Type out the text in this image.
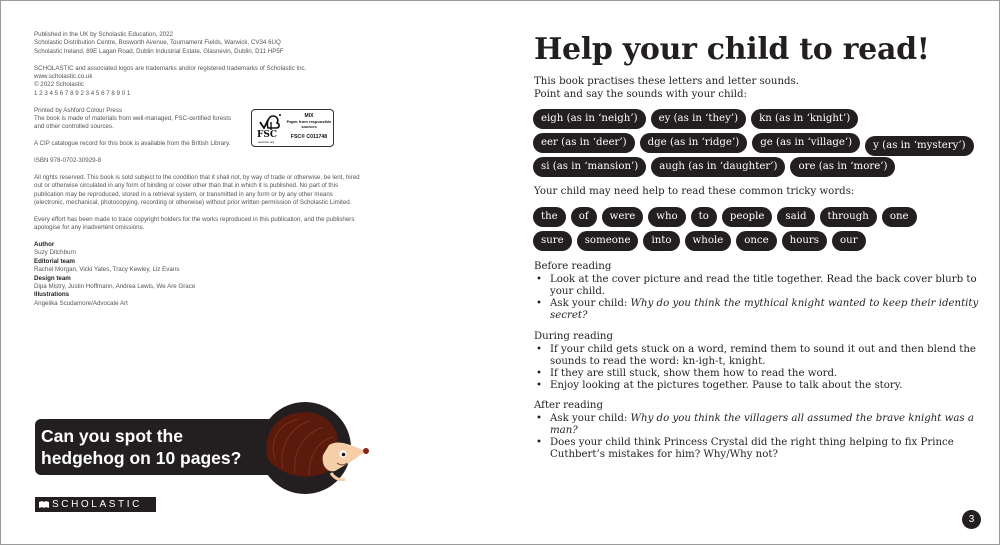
Published in the UK by Scholastic Education, 2022

Scholastic Distribution Centre, Bosworth Avenue, Tournament Fields, Warwick, CV34 6UQ

Scholastic Ireland, 89E Lagan Road, Dublin Industrial Estate, Glasnevin, Dublin, D11 HP5F

SCHOLASTIC and associated logos are trademarks and/or registered trademarks of Scholastic Inc.

www.scholastic.co.uk

© 2022 Scholastic

1 2 3 4 5 6 7 8 9 2 3 4 5 6 7 8 9 0 1

Printed by Ashford Colour Press

The book is made of materials from well-managed, FSC-certified forests and other controlled sources.

A CIP catalogue record for this book is available from the British Library.

ISBN 978-0702-30929-8

All rights reserved. This book is sold subject to the condition that it shall not, by way of trade or otherwise, be lent, hired out or otherwise circulated in any form of binding or cover other than that in which it is published. No part of this publication may be reproduced, stored in a retrieval system, or transmitted in any form or by any other means (electronic, mechanical, photocopying, recording or otherwise) without prior written permission of Scholastic Limited.

Every effort has been made to trace copyright holders for the works reproduced in this publication, and the publishers apologise for any inadvertent omissions.

Author

Suzy Ditchburn

Editorial team

Rachel Morgan, Vicki Yates, Tracy Kewley, Liz Evans

Design team

Dipa Mistry, Justin Hoffmann, Andrea Lewis, We Are Grace

Illustrations

Angelika Scudamore/Advocate Art

FSC
www.fsc.org
MIX
Paper from responsible sources
FSC® C011748
Can you spot the
hedgehog on 10 pages?
SCHOLASTIC
Help your child to read!

This book practises these letters and letter sounds.

Point and say the sounds with your child:

eigh (as in ‘neigh’)	ey (as in ‘they’)	kn (as in ‘knight’)
eer (as in ‘deer’)	dge (as in ‘ridge’)	ge (as in ‘village’)	y (as in ‘mystery’)
si (as in ‘mansion’)	augh (as in ‘daughter’)	ore (as in ‘more’)
Your child may need help to read these common tricky words:
the	of	were	who	to	people	said	through	one
sure	someone	into	whole	once	hours	our
Before reading
• Look at the cover picture and read the title together. Read the back cover blurb to your child.
• Ask your child: Why do you think the mythical knight wanted to keep their identity secret?
During reading
• If your child gets stuck on a word, remind them to sound it out and then blend the sounds to read the word: kn-igh-t, knight.
• If they are still stuck, show them how to read the word.
• Enjoy looking at the pictures together. Pause to talk about the story.
After reading
• Ask your child: Why do you think the villagers all assumed the brave knight was a man?
• Does your child think Princess Crystal did the right thing helping to fix Prince Cuthbert’s mistakes for him? Why/Why not?
3
